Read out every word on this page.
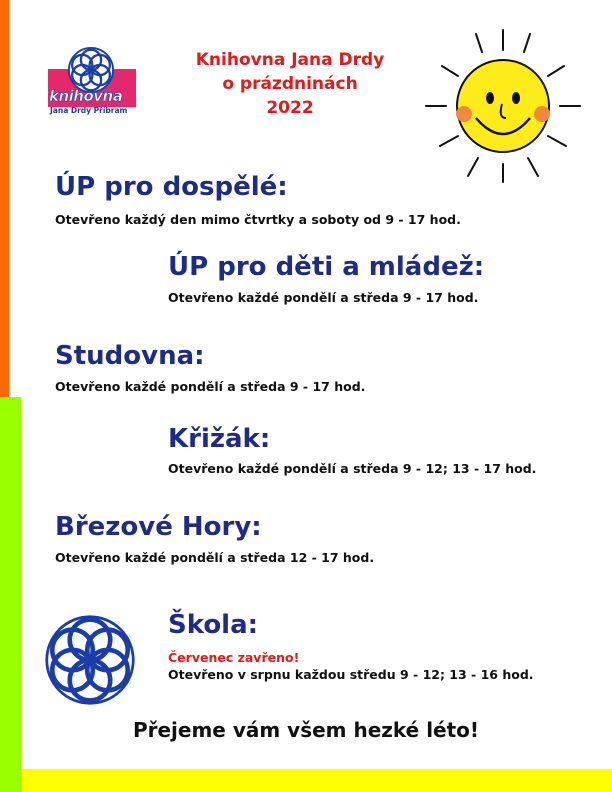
knihovna
Jana Drdy Příbram
Knihovna Jana Drdy
o prázdninách
2022
ÚP pro dospělé:
Otevřeno každý den mimo čtvrtky a soboty od 9 - 17 hod.
ÚP pro děti a mládež:
Otevřeno každé pondělí a středa 9 - 17 hod.
Studovna:
Otevřeno každé pondělí a středa 9 - 17 hod.
Křižák:
Otevřeno každé pondělí a středa 9 - 12; 13 - 17 hod.
Březové Hory:
Otevřeno každé pondělí a středa 12 - 17 hod.
Škola:
Červenec zavřeno!
Otevřeno v srpnu každou středu 9 - 12; 13 - 16 hod.
Přejeme vám všem hezké léto!
